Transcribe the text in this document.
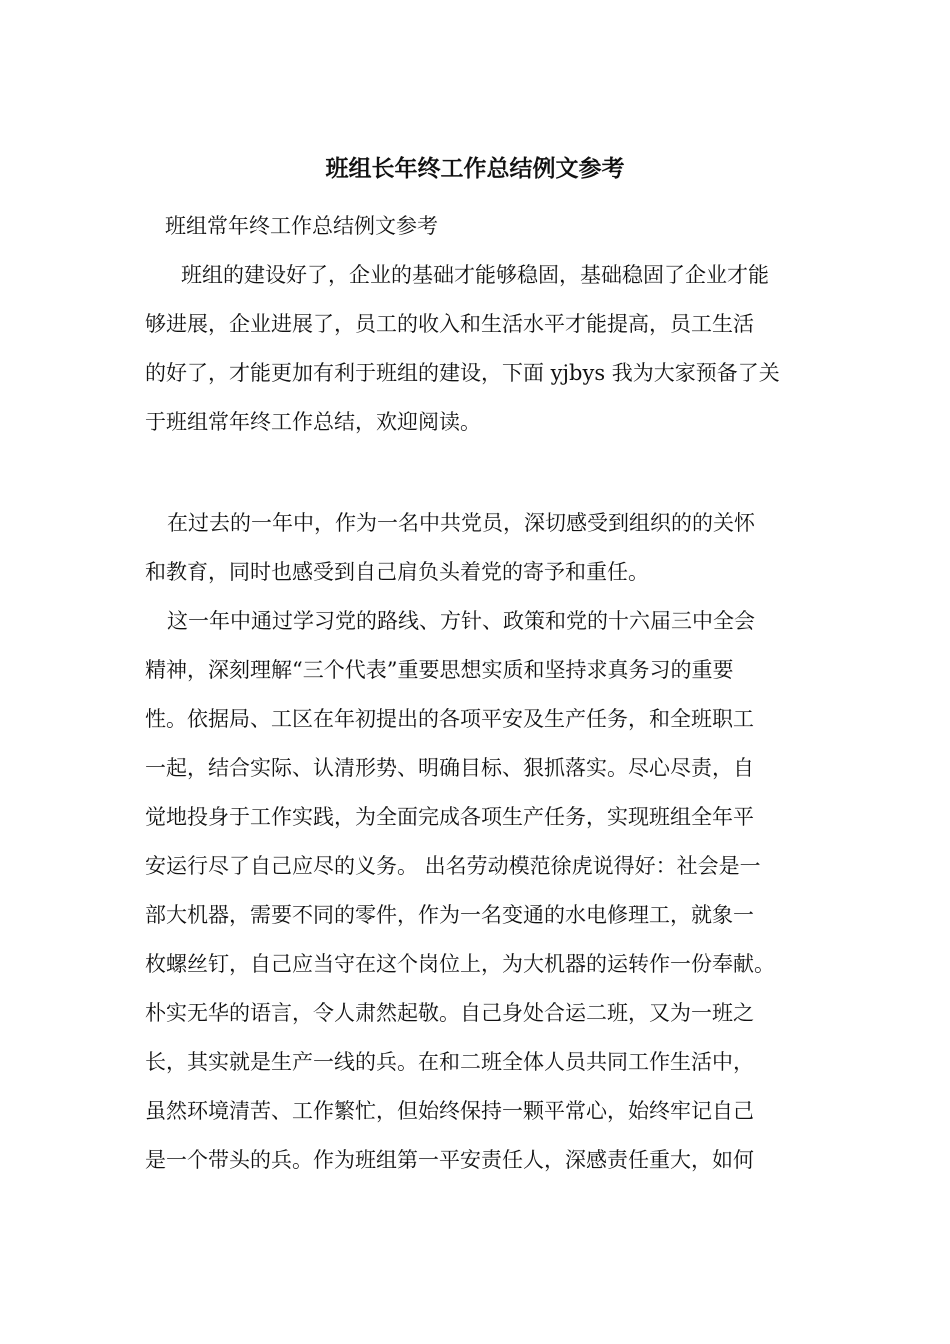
班组长年终工作总结例文参考

班组常年终工作总结例文参考

班组的建设好了，企业的基础才能够稳固，基础稳固了企业才能

够进展，企业进展了，员工的收入和生活水平才能提高，员工生活

的好了，才能更加有利于班组的建设，下面 yjbys 我为大家预备了关

于班组常年终工作总结，欢迎阅读。

在过去的一年中，作为一名中共党员，深切感受到组织的的关怀

和教育，同时也感受到自己肩负头着党的寄予和重任。

这一年中通过学习党的路线、方针、政策和党的十六届三中全会

精神，深刻理解“三个代表”重要思想实质和坚持求真务习的重要

性。依据局、工区在年初提出的各项平安及生产任务，和全班职工

一起，结合实际、认清形势、明确目标、狠抓落实。尽心尽责，自

觉地投身于工作实践，为全面完成各项生产任务，实现班组全年平

安运行尽了自己应尽的义务。 出名劳动模范徐虎说得好：社会是一

部大机器，需要不同的零件，作为一名变通的水电修理工，就象一

枚螺丝钉，自己应当守在这个岗位上，为大机器的运转作一份奉献。

朴实无华的语言，令人肃然起敬。自己身处合运二班，又为一班之

长，其实就是生产一线的兵。在和二班全体人员共同工作生活中，

虽然环境清苦、工作繁忙，但始终保持一颗平常心，始终牢记自己

是一个带头的兵。作为班组第一平安责任人，深感责任重大，如何
